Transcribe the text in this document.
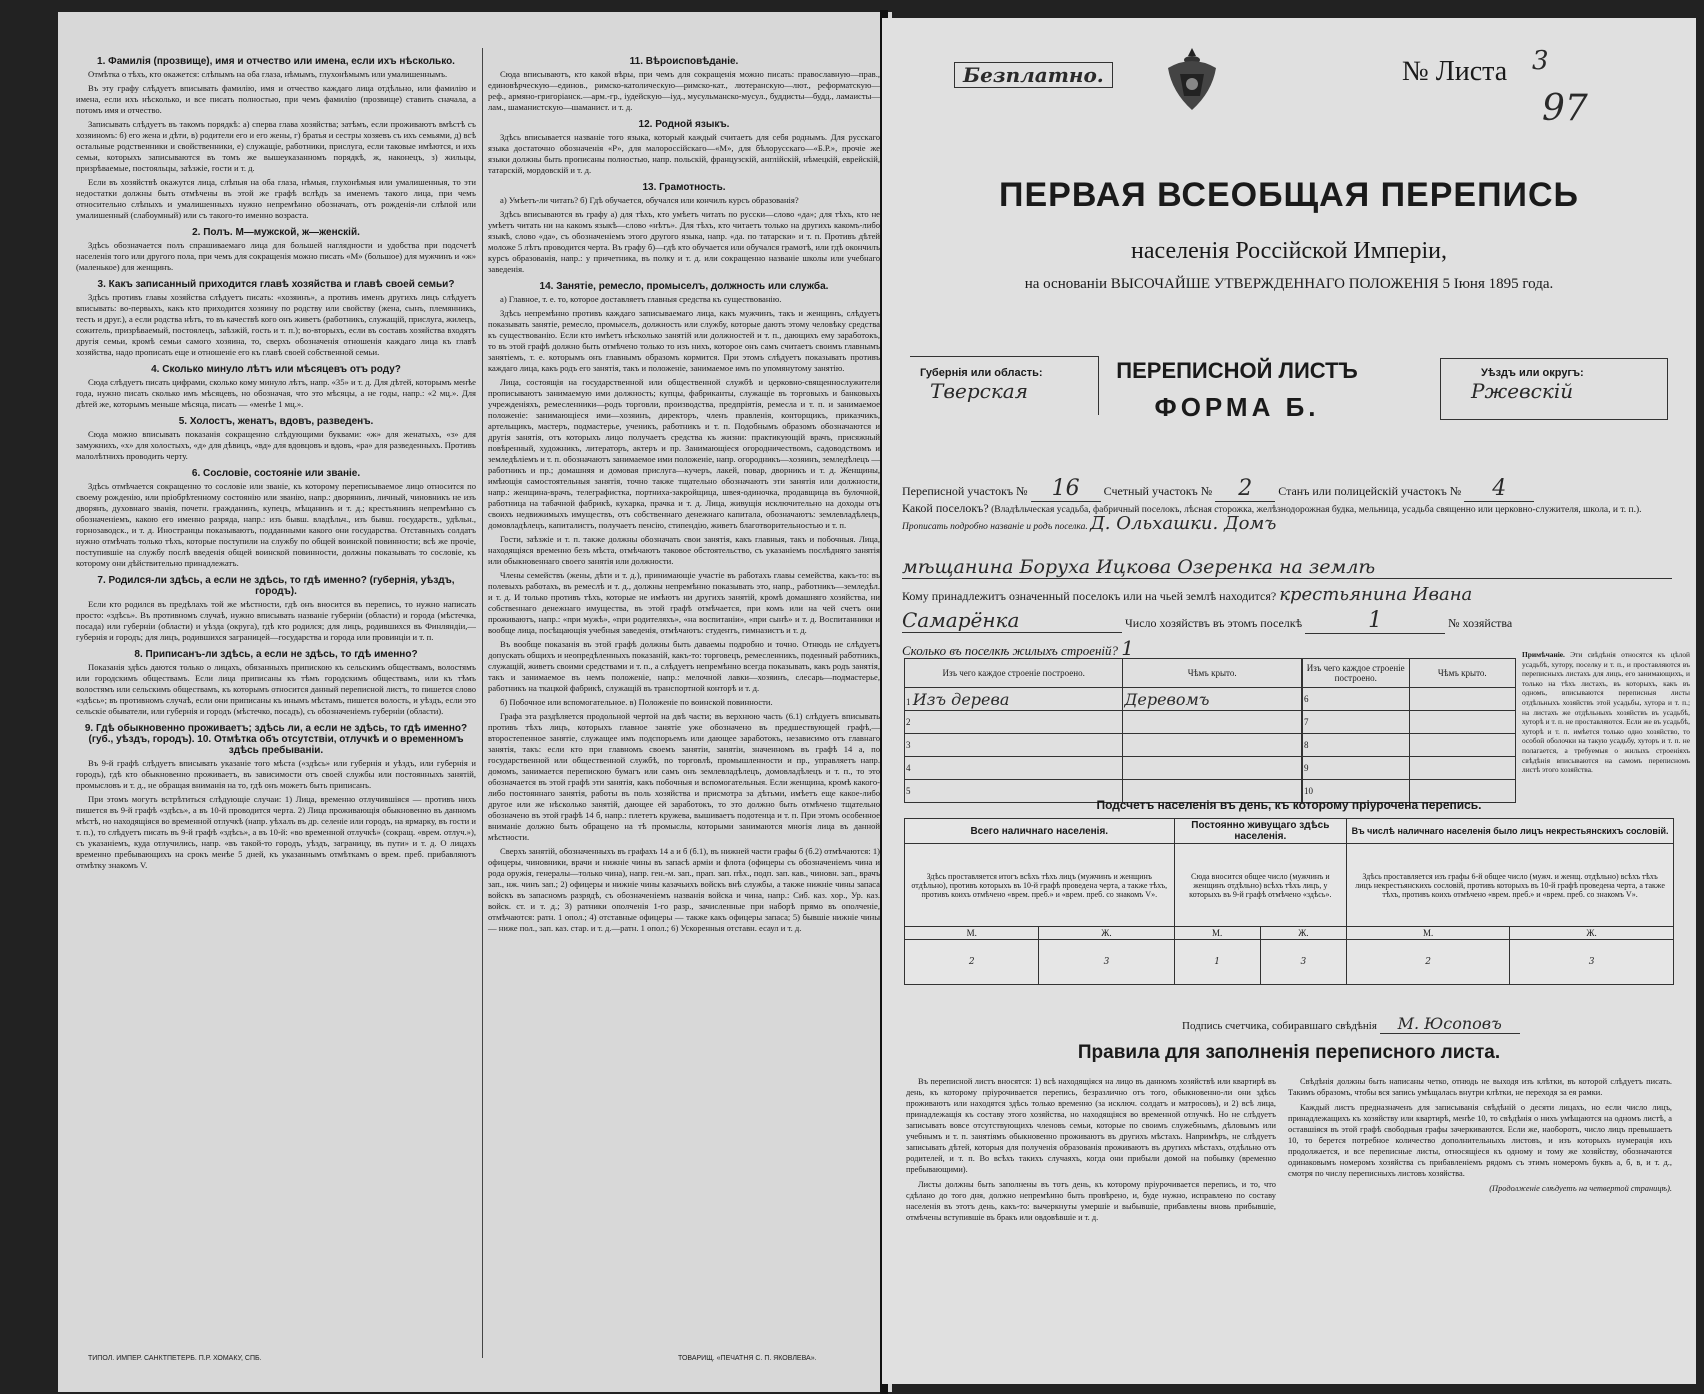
1. Фамилія (прозвище), имя и отчество или имена, если ихъ нѣсколько.

Отмѣтка о тѣхъ, кто окажется: слѣпымъ на оба глаза, нѣмымъ, глухонѣмымъ или умалишеннымъ.

Въ эту графу слѣдуетъ вписывать фамилію, имя и отчество каждаго лица отдѣльно, или фамилію и имена, если ихъ нѣсколько, и все писать полностью, при чемъ фамилію (прозвище) ставить сначала, а потомъ имя и отчество.

Записывать слѣдуетъ въ такомъ порядкѣ: а) сперва глава хозяйства; затѣмъ, если проживаютъ вмѣстѣ съ хозяиномъ: б) его жена и дѣти, в) родители его и его жены, г) братья и сестры хозяевъ съ ихъ семьями, д) всѣ остальные родственники и свойственники, е) служащіе, работники, прислуга, если таковые имѣются, и ихъ семьи, которыхъ записываются въ томъ же вышеуказанномъ порядкѣ, ж, наконецъ, з) жильцы, призрѣваемые, постояльцы, заѣзжіе, гости и т. д.

Если въ хозяйствѣ окажутся лица, слѣпыя на оба глаза, нѣмыя, глухонѣмыя или умалишенныя, то эти недостатки должны быть отмѣчены въ этой же графѣ вслѣдъ за именемъ такого лица, при чемъ относительно слѣпыхъ и умалишенныхъ нужно непремѣнно обозначать, отъ рожденія-ли слѣпой или умалишенный (слабоумный) или съ такого-то именно возраста.

2. Полъ. М—мужской, ж—женскій.

Здѣсь обозначается полъ спрашиваемаго лица для большей наглядности и удобства при подсчетѣ населенія того или другого пола, при чемъ для сокращенія можно писать «М» (большое) для мужчинъ и «ж» (маленькое) для женщинъ.

3. Какъ записанный приходится главѣ хозяйства и главѣ своей семьи?

Здѣсь противъ главы хозяйства слѣдуетъ писать: «хозяинъ», а противъ именъ другихъ лицъ слѣдуетъ вписывать: во-первыхъ, какъ кто приходится хозяину по родству или свойству (жена, сынъ, племянникъ, тесть и друг.), а если родства нѣтъ, то въ качествѣ кого онъ живетъ (работникъ, служащій, прислуга, жилецъ, сожитель, призрѣваемый, постоялецъ, заѣзжій, гость и т. п.); во-вторыхъ, если въ составъ хозяйства входятъ другія семьи, кромѣ семьи самого хозяина, то, сверхъ обозначенія отношенія каждаго лица къ главѣ хозяйства, надо прописать еще и отношеніе его къ главѣ своей собственной семьи.

4. Сколько минуло лѣтъ или мѣсяцевъ отъ роду?

Сюда слѣдуетъ писать цифрами, сколько кому минуло лѣтъ, напр. «35» и т. д. Для дѣтей, которымъ менѣе года, нужно писать сколько имъ мѣсяцевъ, но обозначая, что это мѣсяцы, а не годы, напр.: «2 мц.». Для дѣтей же, которымъ меньше мѣсяца, писать — «менѣе 1 мц.».

5. Холостъ, женатъ, вдовъ, разведенъ.

Сюда можно вписывать показанія сокращенно слѣдующими буквами: «ж» для женатыхъ, «з» для замужнихъ, «х» для холостыхъ, «д» для дѣвицъ, «вд» для вдовцовъ и вдовъ, «ра» для разведенныхъ. Противъ малолѣтнихъ проводить черту.

6. Сословіе, состояніе или званіе.

Здѣсь отмѣчается сокращенно то сословіе или званіе, къ которому переписываемое лицо относится по своему рожденію, или пріобрѣтенному состоянію или званію, напр.: дворянинъ, личный, чиновникъ не изъ дворянъ, духовнаго званія, почетн. гражданинъ, купецъ, мѣщанинъ и т. д.; крестьянинъ непремѣнно съ обозначеніемъ, какою его именно разряда, напр.: изъ бывш. владѣльч., изъ бывш. государств., удѣльн., горнозаводск., и т. д. Иностранцы показываютъ, подданными какого они государства. Отставныхъ солдатъ нужно отмѣчать только тѣхъ, которые поступили на службу по общей воинской повинности; всѣ же прочіе, поступившіе на службу послѣ введенія общей воинской повинности, должны показывать то сословіе, къ которому они дѣйствительно принадлежатъ.

7. Родился-ли здѣсь, а если не здѣсь, то гдѣ именно? (губернія, уѣздъ, городъ).

Если кто родился въ предѣлахъ той же мѣстности, гдѣ онъ вносится въ перепись, то нужно написать просто: «здѣсь». Въ противномъ случаѣ, нужно вписывать названіе губерніи (области) и города (мѣстечка, посада) или губерніи (области) и уѣзда (округа), гдѣ кто родился; для лицъ, родившихся въ Финляндіи,—губернія и городъ; для лицъ, родившихся заграницей—государства и города или провинціи и т. п.

8. Приписанъ-ли здѣсь, а если не здѣсь, то гдѣ именно?

Показанія здѣсь даются только о лицахъ, обязанныхъ припискою къ сельскимъ обществамъ, волостямъ или городскимъ обществамъ. Если лица приписаны къ тѣмъ городскимъ обществамъ, или къ тѣмъ волостямъ или сельскимъ обществамъ, къ которымъ относится данный переписной листъ, то пишется слово «здѣсь»; въ противномъ случаѣ, если они приписаны къ инымъ мѣстамъ, пишется волость, и уѣздъ, если это сельскіе обыватели, или губернія и городъ (мѣстечко, посадъ), съ обозначеніемъ губерніи (области).

9. Гдѣ обыкновенно проживаетъ; здѣсь ли, а если не здѣсь, то гдѣ именно? (губ., уѣздъ, городъ). 10. Отмѣтка объ отсутствіи, отлучкѣ и о временномъ здѣсь пребываніи.

Въ 9-й графѣ слѣдуетъ вписывать указаніе того мѣста («здѣсь» или губернія и уѣздъ, или губернія и городъ), гдѣ кто обыкновенно проживаетъ, въ зависимости отъ своей службы или постоянныхъ занятій, промысловъ и т. д., не обращая вниманія на то, гдѣ онъ можетъ быть приписанъ.

При этомъ могутъ встрѣтиться слѣдующіе случаи: 1) Лица, временно отлучившіяся — противъ нихъ пишется въ 9-й графѣ «здѣсь», а въ 10-й проводится черта. 2) Лица проживающія обыкновенно въ данномъ мѣстѣ, но находящіяся во временной отлучкѣ (напр. уѣхалъ въ др. селеніе или городъ, на ярмарку, въ гости и т. п.), то слѣдуетъ писать въ 9-й графѣ «здѣсь», а въ 10-й: «во временной отлучкѣ» (сокращ. «врем. отлуч.»), съ указаніемъ, куда отлучились, напр. «въ такой-то городъ, уѣздъ, заграницу, въ пути» и т. д. О лицахъ временно пребывающихъ на срокъ менѣе 5 дней, къ указаннымъ отмѣткамъ о врем. преб. прибавляютъ отмѣтку знакомъ V.

11. Вѣроисповѣданіе.

Сюда вписываютъ, кто какой вѣры, при чемъ для сокращенія можно писать: православную—прав., единовѣрческую—единов., римско-католическую—римско-кат., лютеранскую—лют., реформатскую—реф., армяно-григоріанск.—арм.-гр., іудейскую—іуд., мусульманско-мусул., буддисты—будд., ламаисты—лам., шаманистскую—шаманист. и т. д.

12. Родной языкъ.

Здѣсь вписывается названіе того языка, который каждый считаетъ для себя роднымъ. Для русскаго языка достаточно обозначенія «Р», для малороссійскаго—«М», для бѣлорусскаго—«Б.Р.», прочіе же языки должны быть прописаны полностью, напр. польскій, французскій, англійскій, нѣмецкій, еврейскій, татарскій, мордовскій и т. д.

13. Грамотность.

а) Умѣетъ-ли читать? б) Гдѣ обучается, обучался или кончилъ курсъ образованія?

Здѣсь вписываются въ графу а) для тѣхъ, кто умѣетъ читать по русски—слово «да»; для тѣхъ, кто не умѣетъ читать ни на какомъ языкѣ—слово «нѣтъ». Для тѣхъ, кто читаетъ только на другихъ какомъ-либо языкѣ, слово «да», съ обозначеніемъ этого другого языка, напр. «да. по татарски» и т. п. Противъ дѣтей моложе 5 лѣтъ проводится черта. Въ графу б)—гдѣ кто обучается или обучался грамотѣ, или гдѣ окончилъ курсъ образованія, напр.: у причетника, въ полку и т. д. или сокращенно названіе школы или учебнаго заведенія.

14. Занятіе, ремесло, промыселъ, должность или служба.

а) Главное, т. е. то, которое доставляетъ главныя средства къ существованію.

Здѣсь непремѣнно противъ каждаго записываемаго лица, какъ мужчинъ, такъ и женщинъ, слѣдуетъ показывать занятіе, ремесло, промыселъ, должность или службу, которые даютъ этому человѣку средства къ существованію. Если кто имѣетъ нѣсколько занятій или должностей и т. п., дающихъ ему заработокъ, то въ этой графѣ должно быть отмѣчено только то изъ нихъ, которое онъ самъ считаетъ своимъ главнымъ занятіемъ, т. е. которымъ онъ главнымъ образомъ кормится. При этомъ слѣдуетъ показывать противъ каждаго лица, какъ родъ его занятія, такъ и положеніе, занимаемое имъ по упомянутому занятію.

Лица, состоящія на государственной или общественной службѣ и церковно-священнослужители прописываютъ занимаемую ими должность; купцы, фабриканты, служащіе въ торговыхъ и банковыхъ учрежденіяхъ, ремесленники—родъ торговли, производства, предпріятія, ремесла и т. п. и занимаемое положеніе: занимающіеся ими—хозяинъ, директоръ, членъ правленія, конторщикъ, приказчикъ, артельщикъ, мастеръ, подмастерье, ученикъ, работникъ и т. п. Подобнымъ образомъ обозначаются и другія занятія, отъ которыхъ лицо получаетъ средства къ жизни: практикующій врачъ, присяжный повѣренный, художникъ, литераторъ, актеръ и пр. Занимающіеся огородничествомъ, садоводствомъ и земледѣліемъ и т. п. обозначаютъ занимаемое ими положеніе, напр. огородникъ—хозяинъ, земледѣлецъ — работникъ и пр.; домашняя и домовая прислуга—кучеръ, лакей, повар, дворникъ и т. д. Женщины, имѣющія самостоятельныя занятія, точно также тщательно обозначаютъ эти занятія или должности, напр.: женщина-врачъ, телеграфистка, портниха-закройщица, швея-одиночка, продавщица въ булочной, работница на табачной фабрикѣ, кухарка, прачка и т. д. Лица, живущія исключительно на доходы отъ своихъ недвижимыхъ имуществъ, отъ собственнаго денежнаго капитала, обозначаютъ: землевладѣлецъ, домовладѣлецъ, капиталистъ, получаетъ пенсію, стипендію, живетъ благотворительностью и т. п.

Гости, заѣзжіе и т. п. также должны обозначать свои занятія, какъ главныя, такъ и побочныя. Лица, находящіяся временно безъ мѣста, отмѣчаютъ таковое обстоятельство, съ указаніемъ послѣдняго занятія или обыкновеннаго своего занятія или должности.

Члены семействъ (жены, дѣти и т. д.), принимающіе участіе въ работахъ главы семейства, какъ-то: въ полевыхъ работахъ, въ ремеслѣ и т. д., должны непремѣнно показывать это, напр., работникъ—земледѣл. и т. д. И только противъ тѣхъ, которые не имѣютъ ни другихъ занятій, кромѣ домашняго хозяйства, ни собственнаго денежнаго имущества, въ этой графѣ отмѣчается, при комъ или на чей счетъ они проживаютъ, напр.: «при мужѣ», «при родителяхъ», «на воспитаніи», «при сынѣ» и т. д. Воспитанники и вообще лица, посѣщающія учебныя заведенія, отмѣчаютъ: студентъ, гимназистъ и т. д.

Въ вообще показанія въ этой графѣ должны быть даваемы подробно и точно. Отнюдь не слѣдуетъ допускать общихъ и неопредѣленныхъ показаній, какъ-то: торговецъ, ремесленникъ, поденный работникъ, служащій, живетъ своими средствами и т. п., а слѣдуетъ непремѣнно всегда показывать, какъ родъ занятія, такъ и занимаемое въ немъ положеніе, напр.: мелочной лавки—хозяинъ, слесарь—подмастерье, работникъ на ткацкой фабрикѣ, служащій въ транспортной конторѣ и т. д.

б) Побочное или вспомогательное. в) Положеніе по воинской повинности.

Графа эта раздѣляется продольной чертой на двѣ части; въ верхнюю часть (6.1) слѣдуетъ вписывать противъ тѣхъ лицъ, которыхъ главное занятіе уже обозначено въ предшествующей графѣ,—второстепенное занятіе, служащее имъ подспорьемъ или дающее заработокъ, независимо отъ главнаго занятія, такъ: если кто при главномъ своемъ занятіи, занятіи, значенномъ въ графѣ 14 а, по государственной или общественной службѣ, по торговлѣ, промышленности и пр., управляетъ напр. домомъ, занимается перепискою бумагъ или самъ онъ землевладѣлецъ, домовладѣлецъ и т. п., то это обозначается въ этой графѣ эти занятія, какъ побочныя и вспомогательныя. Если женщина, кромѣ какого-либо постояннаго занятія, работы въ поль хозяйства и присмотра за дѣтьми, имѣетъ еще какое-либо другое или же нѣсколько занятій, дающее ей заработокъ, то это должно быть отмѣчено тщательно обозначено въ этой графѣ 14 б, напр.: плететъ кружева, вышиваетъ подотенца и т. п. При этомъ особенное вниманіе должно быть обращено на тѣ промыслы, которыми занимаются многія лица въ данной мѣстности.

Сверхъ занятій, обозначенныхъ въ графахъ 14 а и б (б.1), въ нижней части графы б (б.2) отмѣчаются: 1) офицеры, чиновники, врачи и нижніе чины въ запасѣ арміи и флота (офицеры съ обозначеніемъ чина и рода оружія, генералы—только чина), напр. ген.-м. зап., прап. зап. пѣх., подп. зап. кав., чиновн. зап., врачъ зап., нж. чинъ зап.; 2) офицеры и нижніе чины казачьихъ войскъ внѣ службы, а также нижніе чины запаса войскъ въ запасномъ разрядѣ, съ обозначеніемъ названія войска и чина, напр.: Сиб. каз. хор., Ур. каз. войск. ст. и т. д.; 3) ратники ополченія 1-го разр., зачисленные при наборѣ прямо въ ополченіе, отмѣчаются: ратн. 1 опол.; 4) отставные офицеры — также какъ офицеры запаса; 5) бывшіе нижніе чины — ниже пол., зап. каз. стар. и т. д.—ратн. 1 опол.; 6) Ускоренныя отставн. есаул и т. д.

ТИПОЛ. ИМПЕР. САНКТПЕТЕРБ. П.Р. ХОМАКУ, СПБ.	ТОВАРИЩ. «ПЕЧАТНЯ С. П. ЯКОВЛЕВА».
Безплатно.	№ Листа 3
97
ПЕРВАЯ ВСЕОБЩАЯ ПЕРЕПИСЬ
населенія Россійской Имперіи,
на основаніи ВЫСОЧАЙШЕ УТВЕРЖДЕННАГО ПОЛОЖЕНІЯ 5 Іюня 1895 года.
Губернія или область:
Тверская
ПЕРЕПИСНОЙ ЛИСТЪ
ФОРМА Б.
Уѣздъ или округъ:
Ржевскій
Переписной участокъ № 16 Счетный участокъ № 2 Станъ или полицейскій участокъ № 4
Какой поселокъ? (Владѣльческая усадьба, фабричный поселокъ, лѣсная сторожка, желѣзнодорожная будка, мельница, усадьба священно или церковно-служителя, школа, и т. п.). Прописать подробно названіе и родъ поселка. Д. Ольхашки. Домъ
мѣщанина Боруха Ицкова Озеренка на землѣ
Кому принадлежитъ означенный поселокъ или на чьей землѣ находится? крестьянина Ивана
Самарёнка	Число хозяйствъ въ этомъ поселкѣ	1	№ хозяйства
Сколько въ поселкѣ жилыхъ строеній? 1
Изъ чего каждое строеніе построено.	Чѣмъ крыто.
1 Изъ дерева	Деревомъ
2	
3	
4	
5	
Изъ чего каждое строеніе построено.	Чѣмъ крыто.
6	
7	
8	
9	
10	
Примѣчаніе. Эти свѣдѣнія относятся къ цѣлой усадьбѣ, хутору, поселку и т. п., и проставляются въ переписныхъ листахъ для лицъ, его занимающихъ, и только на тѣхъ листахъ, въ которыхъ, какъ въ одномъ, вписываются переписныя листы отдѣльныхъ хозяйствъ этой усадьбы, хутора и т. п.; на листахъ же отдѣльныхъ хозяйствъ въ усадьбѣ, хуторѣ и т. п. не проставляются. Если же въ усадьбѣ, хуторѣ и т. п. имѣется только одно хозяйство, то особой оболочки на такую усадьбу, хуторъ и т. п. не полагается, а требуемыя о жилыхъ строеніяхъ свѣдѣнія вписываются на самомъ переписномъ листѣ этого хозяйства.
Подсчетъ населенія въ день, къ которому пріурочена перепись.
Всего наличнаго населенія.		Постоянно живущаго здѣсь населенія.		Въ числѣ наличнаго населенія было лицъ некрестьянскихъ сословій.	
Здѣсь проставляется итогъ всѣхъ тѣхъ лицъ (мужчинъ и женщинъ отдѣльно), противъ которыхъ въ 10-й графѣ проведена черта, а также тѣхъ, противъ коихъ отмѣчено «врем. преб.» и «врем. преб. со знакомъ V».		Сюда вносится общее число (мужчинъ и женщинъ отдѣльно) всѣхъ тѣхъ лицъ, у которыхъ въ 9-й графѣ отмѣчено «здѣсь».		Здѣсь проставляется изъ графы 6-й общее число (мужч. и женщ. отдѣльно) всѣхъ тѣхъ лицъ некрестьянскихъ сословій, противъ которыхъ въ 10-й графѣ проведена черта, а также тѣхъ, противъ коихъ отмѣчено «врем. преб.» и «врем. преб. со знакомъ V».	
М.	Ж.	М.	Ж.	М.	Ж.
2	3	1	3	2	3
Подпись счетчика, собиравшаго свѣдѣнія М. Юсоповъ
Правила для заполненія переписного листа.

Въ переписной листъ вносятся: 1) всѣ находящіяся на лицо въ данномъ хозяйствѣ или квартирѣ въ день, къ которому пріурочивается перепись, безразлично отъ того, обыкновенно-ли они здѣсь проживаютъ или находятся здѣсь только временно (за исключ. солдатъ и матросовъ), и 2) всѣ лица, принадлежащія къ составу этого хозяйства, но находящіяся во временной отлучкѣ. Но не слѣдуетъ записывать вовсе отсутствующихъ членовъ семьи, которые по своимъ служебнымъ, дѣловымъ или учебнымъ и т. п. занятіямъ обыкновенно проживаютъ въ другихъ мѣстахъ. Напримѣръ, не слѣдуетъ записывать дѣтей, которыя для полученія образованія проживаютъ въ другихъ мѣстахъ, отдѣльно отъ родителей, и т. п. Во всѣхъ такихъ случаяхъ, когда они прибыли домой на побывку (временно пребывающими).

Листы должны быть заполнены въ тотъ день, къ которому пріурочивается перепись, и то, что сдѣлано до того дня, должно непремѣнно быть провѣрено, и, буде нужно, исправлено по составу населенія въ этотъ день, какъ-то: вычеркнуты умершіе и выбывшіе, прибавлены вновь прибывшіе, отмѣчены вступившіе въ бракъ или овдовѣвшіе и т. д.

Свѣдѣнія должны быть написаны четко, отнюдь не выходя изъ клѣтки, въ которой слѣдуетъ писать. Такимъ образомъ, чтобы вся запись умѣщалась внутри клѣтки, не переходя за ея рамки.

Каждый листъ предназначенъ для записыванія свѣдѣній о десяти лицахъ, но если число лицъ, принадлежащихъ къ хозяйству или квартирѣ, менѣе 10, то свѣдѣнія о нихъ умѣщаются на одномъ листѣ, а оставшіяся въ этой графѣ свободныя графы зачеркиваются. Если же, наоборотъ, число лицъ превышаетъ 10, то берется потребное количество дополнительныхъ листовъ, и изъ которыхъ нумерація ихъ продолжается, и все переписные листы, относящіеся къ одному и тому же хозяйству, обозначаются одинаковымъ номеромъ хозяйства съ прибавленіемъ рядомъ съ этимъ номеромъ буквъ а, б, в, и т. д., смотря по числу переписныхъ листовъ хозяйства.

(Продолженіе слѣдуетъ на четвертой страницѣ).
